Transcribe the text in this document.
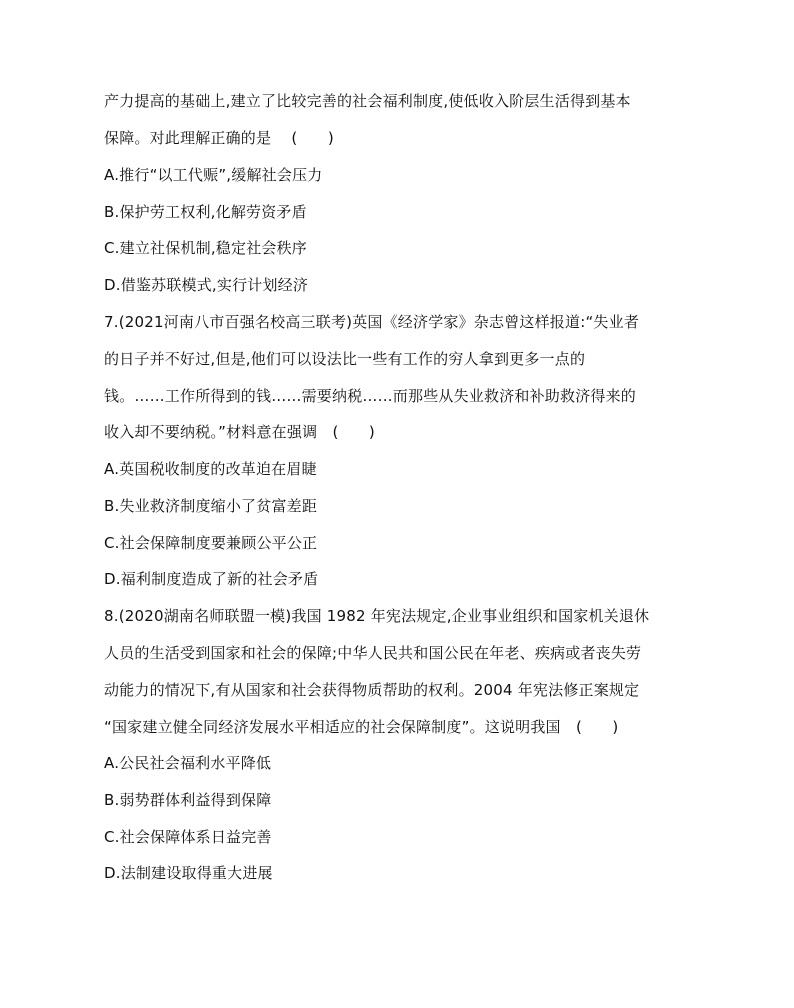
产力提高的基础上,建立了比较完善的社会福利制度,使低收入阶层生活得到基本
保障。对此理解正确的是　 (　　)
A.推行“以工代赈”,缓解社会压力
B.保护劳工权利,化解劳资矛盾
C.建立社保机制,稳定社会秩序
D.借鉴苏联模式,实行计划经济
7.(2021河南八市百强名校高三联考)英国《经济学家》杂志曾这样报道:“失业者
的日子并不好过,但是,他们可以设法比一些有工作的穷人拿到更多一点的
钱。……工作所得到的钱……需要纳税……而那些从失业救济和补助救济得来的
收入却不要纳税。”材料意在强调　(　　)
A.英国税收制度的改革迫在眉睫
B.失业救济制度缩小了贫富差距
C.社会保障制度要兼顾公平公正
D.福利制度造成了新的社会矛盾
8.(2020湖南名师联盟一模)我国 1982 年宪法规定,企业事业组织和国家机关退休
人员的生活受到国家和社会的保障;中华人民共和国公民在年老、疾病或者丧失劳
动能力的情况下,有从国家和社会获得物质帮助的权利。2004 年宪法修正案规定
“国家建立健全同经济发展水平相适应的社会保障制度”。这说明我国　(　　)
A.公民社会福利水平降低
B.弱势群体利益得到保障
C.社会保障体系日益完善
D.法制建设取得重大进展
